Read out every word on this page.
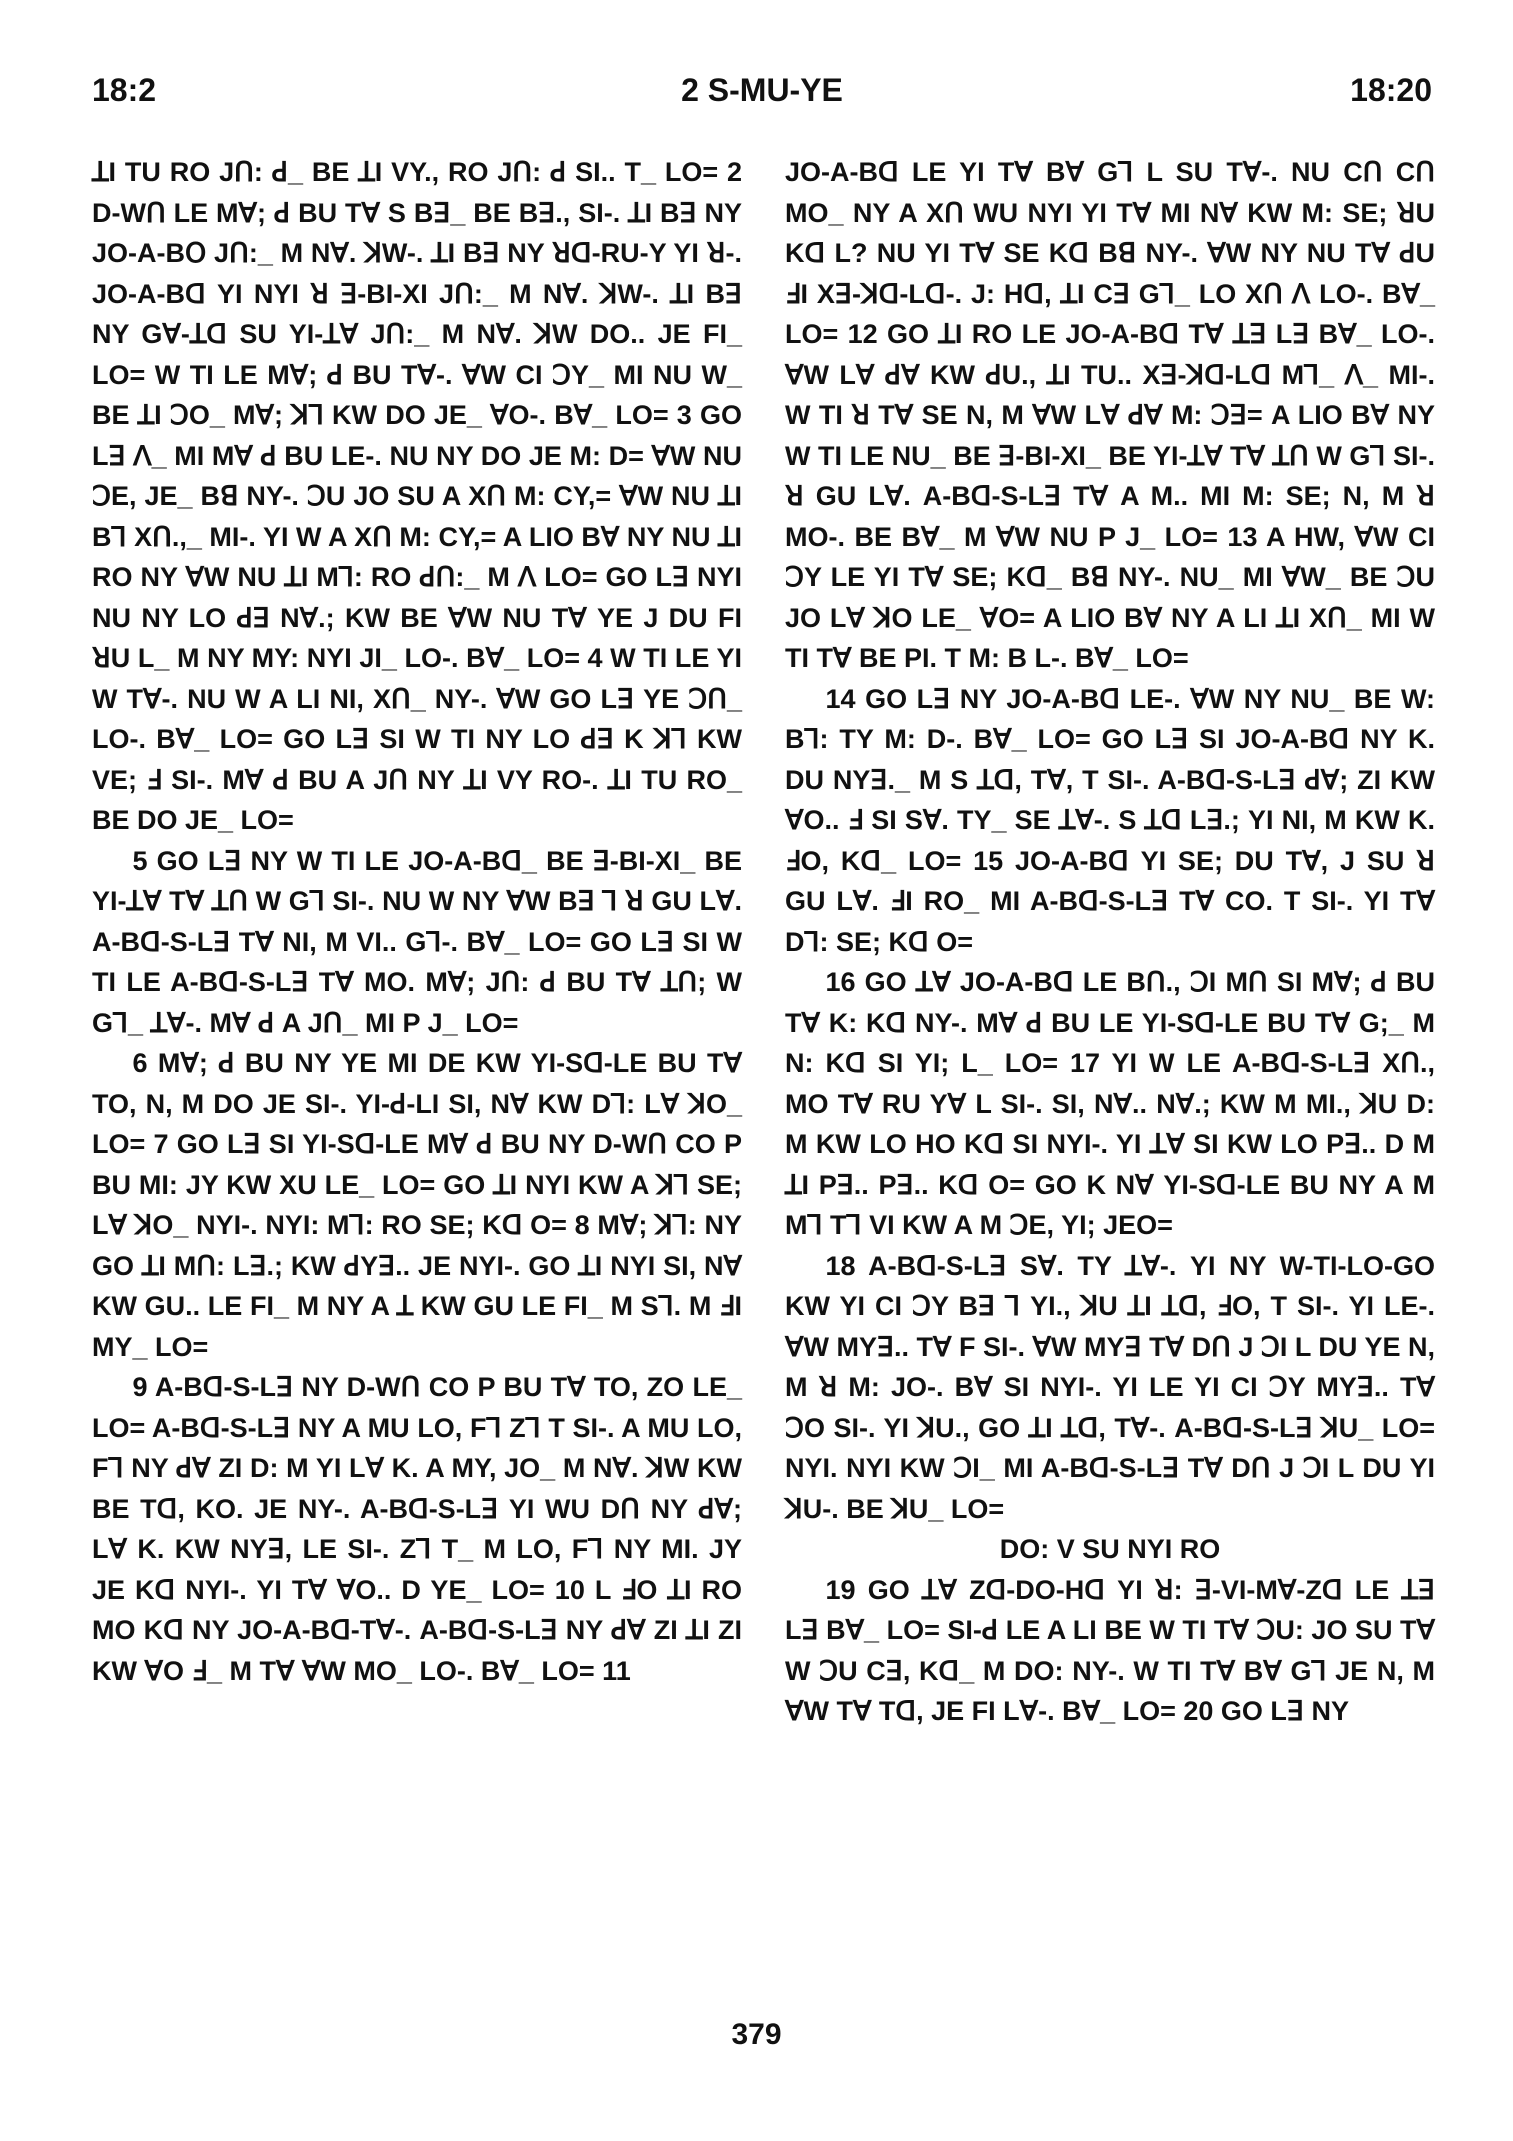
18:2	2 S-MU-YE	18:20

ꓕI TU RO Jꓵ: ꓒ_ BE ꓕI VY., RO Jꓵ: ꓒ SI.. T_ LO= 2 D-Wꓵ LE Mꓯ; ꓒ BU Tꓯ S Bꓱ_ BE Bꓱ., SI-. ꓕI Bꓱ NY JO-A-Bꓳ Jꓵ:_ M Nꓯ. ꓘW-. ꓕI Bꓱ NY ꓤꓷ-RU-Y YI ꓤ-. JO-A-Bꓷ YI NYI ꓤ ꓱ-BI-XI Jꓵ:_ M Nꓯ. ꓘW-. ꓕI Bꓱ NY Gꓯ-ꓕꓷ SU YI-ꓕꓯ Jꓵ:_ M Nꓯ. ꓘW DO.. JE FI_ LO= W TI LE Mꓯ; ꓒ BU Tꓯ-. ꓯW CI ꓛY_ MI NU W_ BE ꓕI ꓛO_ Mꓯ; ꓘꓶ KW DO JE_ ꓯO-. Bꓯ_ LO= 3 GO Lꓱ ꓥ_ MI Mꓯ ꓒ BU LE-. NU NY DO JE M: D= ꓯW NU ꓛE, JE_ Bꓭ NY-. ꓛU JO SU A Xꓵ M: CY,= ꓯW NU ꓕI Bꓶ Xꓵ.,_ MI-. YI W A Xꓵ M: CY,= A LIO Bꓯ NY NU ꓕI RO NY ꓯW NU ꓕI Mꓶ: RO ꓒꓵ:_ M ꓥ LO= GO Lꓱ NYI NU NY LO ꓒꓱ Nꓯ.; KW BE ꓯW NU Tꓯ YE J DU FI ꓤU L_ M NY MY: NYI JI_ LO-. Bꓯ_ LO= 4 W TI LE YI W Tꓯ-. NU W A LI NI, Xꓵ_ NY-. ꓯW GO Lꓱ YE ꓛꓵ_ LO-. Bꓯ_ LO= GO Lꓱ SI W TI NY LO ꓒꓱ K ꓘꓶ KW VE; ꓞ SI-. Mꓯ ꓒ BU A Jꓵ NY ꓕI VY RO-. ꓕI TU RO_ BE DO JE_ LO=

5 GO Lꓱ NY W TI LE JO-A-Bꓷ_ BE ꓱ-BI-XI_ BE YI-ꓕꓯ Tꓯ ꓕꓵ W Gꓶ SI-. NU W NY ꓯW Bꓱ ꓶ ꓤ GU Lꓯ. A-Bꓷ-S-Lꓱ Tꓯ NI, M VI.. Gꓶ-. Bꓯ_ LO= GO Lꓱ SI W TI LE A-Bꓷ-S-Lꓱ Tꓯ MO. Mꓯ; Jꓵ: ꓒ BU Tꓯ ꓕꓵ; W Gꓶ_ ꓕꓯ-. Mꓯ ꓒ A Jꓵ_ MI P J_ LO=

6 Mꓯ; ꓒ BU NY YE MI DE KW YI-Sꓷ-LE BU Tꓯ TO, N, M DO JE SI-. YI-ꓒ-LI SI, Nꓯ KW Dꓶ: Lꓯ ꓘO_ LO= 7 GO Lꓱ SI YI-Sꓷ-LE Mꓯ ꓒ BU NY D-Wꓵ CO P BU MI: JY KW XU LE_ LO= GO ꓕI NYI KW A ꓘꓶ SE; Lꓯ ꓘO_ NYI-. NYI: Mꓶ: RO SE; Kꓷ O= 8 Mꓯ; ꓘꓶ: NY GO ꓕI Mꓵ: Lꓱ.; KW ꓒYꓱ.. JE NYI-. GO ꓕI NYI SI, Nꓯ KW GU.. LE FI_ M NY A ꓕ KW GU LE FI_ M Sꓶ. M ꓞI MY_ LO=

9 A-Bꓷ-S-Lꓱ NY D-Wꓵ CO P BU Tꓯ TO, ZO LE_ LO= A-Bꓷ-S-Lꓱ NY A MU LO, Fꓶ Zꓶ T SI-. A MU LO, Fꓶ NY ꓒꓯ ZI D: M YI Lꓯ K. A MY, JO_ M Nꓯ. ꓘW KW BE Tꓷ, KO. JE NY-. A-Bꓷ-S-Lꓱ YI WU Dꓵ NY ꓒꓯ; Lꓯ K. KW NYꓱ, LE SI-. Zꓶ T_ M LO, Fꓶ NY MI. JY JE Kꓷ NYI-. YI Tꓯ ꓯO.. D YE_ LO= 10 L ꓞO ꓕI RO MO Kꓷ NY JO-A-Bꓷ-Tꓯ-. A-Bꓷ-S-Lꓱ NY ꓒꓯ ZI ꓕI ZI KW ꓯO ꓞ_ M Tꓯ ꓯW MO_ LO-. Bꓯ_ LO= 11

JO-A-Bꓷ LE YI Tꓯ Bꓯ Gꓶ L SU Tꓯ-. NU Cꓵ Cꓵ MO_ NY A Xꓵ WU NYI YI Tꓯ MI Nꓯ KW M: SE; ꓤU Kꓷ L? NU YI Tꓯ SE Kꓷ Bꓭ NY-. ꓯW NY NU Tꓯ ꓒU ꓞI Xꓱ-ꓘꓷ-Lꓷ-. J: Hꓷ, ꓕI Cꓱ Gꓶ_ LO Xꓵ ꓥ LO-. Bꓯ_ LO= 12 GO ꓕI RO LE JO-A-Bꓷ Tꓯ ꓕꓱ Lꓱ Bꓯ_ LO-. ꓯW Lꓯ ꓒꓯ KW ꓒU., ꓕI TU.. Xꓱ-ꓘꓷ-Lꓷ Mꓶ_ ꓥ_ MI-. W TI ꓤ Tꓯ SE N, M ꓯW Lꓯ ꓒꓯ M: ꓛꓱ= A LIO Bꓯ NY W TI LE NU_ BE ꓱ-BI-XI_ BE YI-ꓕꓯ Tꓯ ꓕꓵ W Gꓶ SI-. ꓤ GU Lꓯ. A-Bꓷ-S-Lꓱ Tꓯ A M.. MI M: SE; N, M ꓤ MO-. BE Bꓯ_ M ꓯW NU P J_ LO= 13 A HW, ꓯW CI ꓛY LE YI Tꓯ SE; Kꓷ_ Bꓭ NY-. NU_ MI ꓯW_ BE ꓛU JO Lꓯ ꓘO LE_ ꓯO= A LIO Bꓯ NY A LI ꓕI Xꓵ_ MI W TI Tꓯ BE PI. T M: B L-. Bꓯ_ LO=

14 GO Lꓱ NY JO-A-Bꓷ LE-. ꓯW NY NU_ BE W: Bꓶ: TY M: D-. Bꓯ_ LO= GO Lꓱ SI JO-A-Bꓷ NY K. DU NYꓱ._ M S ꓕꓷ, Tꓯ, T SI-. A-Bꓷ-S-Lꓱ ꓒꓯ; ZI KW ꓯO.. ꓞ SI Sꓯ. TY_ SE ꓕꓯ-. S ꓕꓷ Lꓱ.; YI NI, M KW K. ꓞO, Kꓷ_ LO= 15 JO-A-Bꓷ YI SE; DU Tꓯ, J SU ꓤ GU Lꓯ. ꓞI RO_ MI A-Bꓷ-S-Lꓱ Tꓯ CO. T SI-. YI Tꓯ Dꓶ: SE; Kꓷ O=

16 GO ꓕꓯ JO-A-Bꓷ LE Bꓵ., ꓛI Mꓵ SI Mꓯ; ꓒ BU Tꓯ K: Kꓷ NY-. Mꓯ ꓒ BU LE YI-Sꓷ-LE BU Tꓯ G;_ M N: Kꓷ SI YI; L_ LO= 17 YI W LE A-Bꓷ-S-Lꓱ Xꓵ., MO Tꓯ RU Yꓯ L SI-. SI, Nꓯ.. Nꓯ.; KW M MI., ꓘU D: M KW LO HO Kꓷ SI NYI-. YI ꓕꓯ SI KW LO Pꓱ.. D M ꓕI Pꓱ.. Pꓱ.. Kꓷ O= GO K Nꓯ YI-Sꓷ-LE BU NY A M Mꓶ Tꓶ VI KW A M ꓛE, YI; JEO=

18 A-Bꓷ-S-Lꓱ Sꓯ. TY ꓕꓯ-. YI NY W-TI-LO-GO KW YI CI ꓛY Bꓱ ꓶ YI., ꓘU ꓕI ꓕꓷ, ꓞO, T SI-. YI LE-. ꓯW MYꓱ.. Tꓯ F SI-. ꓯW MYꓱ Tꓯ Dꓵ J ꓛI L DU YE N, M ꓤ M: JO-. Bꓯ SI NYI-. YI LE YI CI ꓛY MYꓱ.. Tꓯ ꓛO SI-. YI ꓘU., GO ꓕI ꓕꓷ, Tꓯ-. A-Bꓷ-S-Lꓱ ꓘU_ LO= NYI. NYI KW ꓛI_ MI A-Bꓷ-S-Lꓱ Tꓯ Dꓵ J ꓛI L DU YI ꓘU-. BE ꓘU_ LO=

DO: V SU NYI RO

19 GO ꓕꓯ Zꓷ-DO-Hꓷ YI ꓤ: ꓱ-VI-Mꓯ-Zꓷ LE ꓕꓱ Lꓱ Bꓯ_ LO= SI-ꓒ LE A LI BE W TI Tꓯ ꓛU: JO SU Tꓯ W ꓛU Cꓱ, Kꓷ_ M DO: NY-. W TI Tꓯ Bꓯ Gꓶ JE N, M ꓯW Tꓯ Tꓷ, JE FI Lꓯ-. Bꓯ_ LO= 20 GO Lꓱ NY

379
